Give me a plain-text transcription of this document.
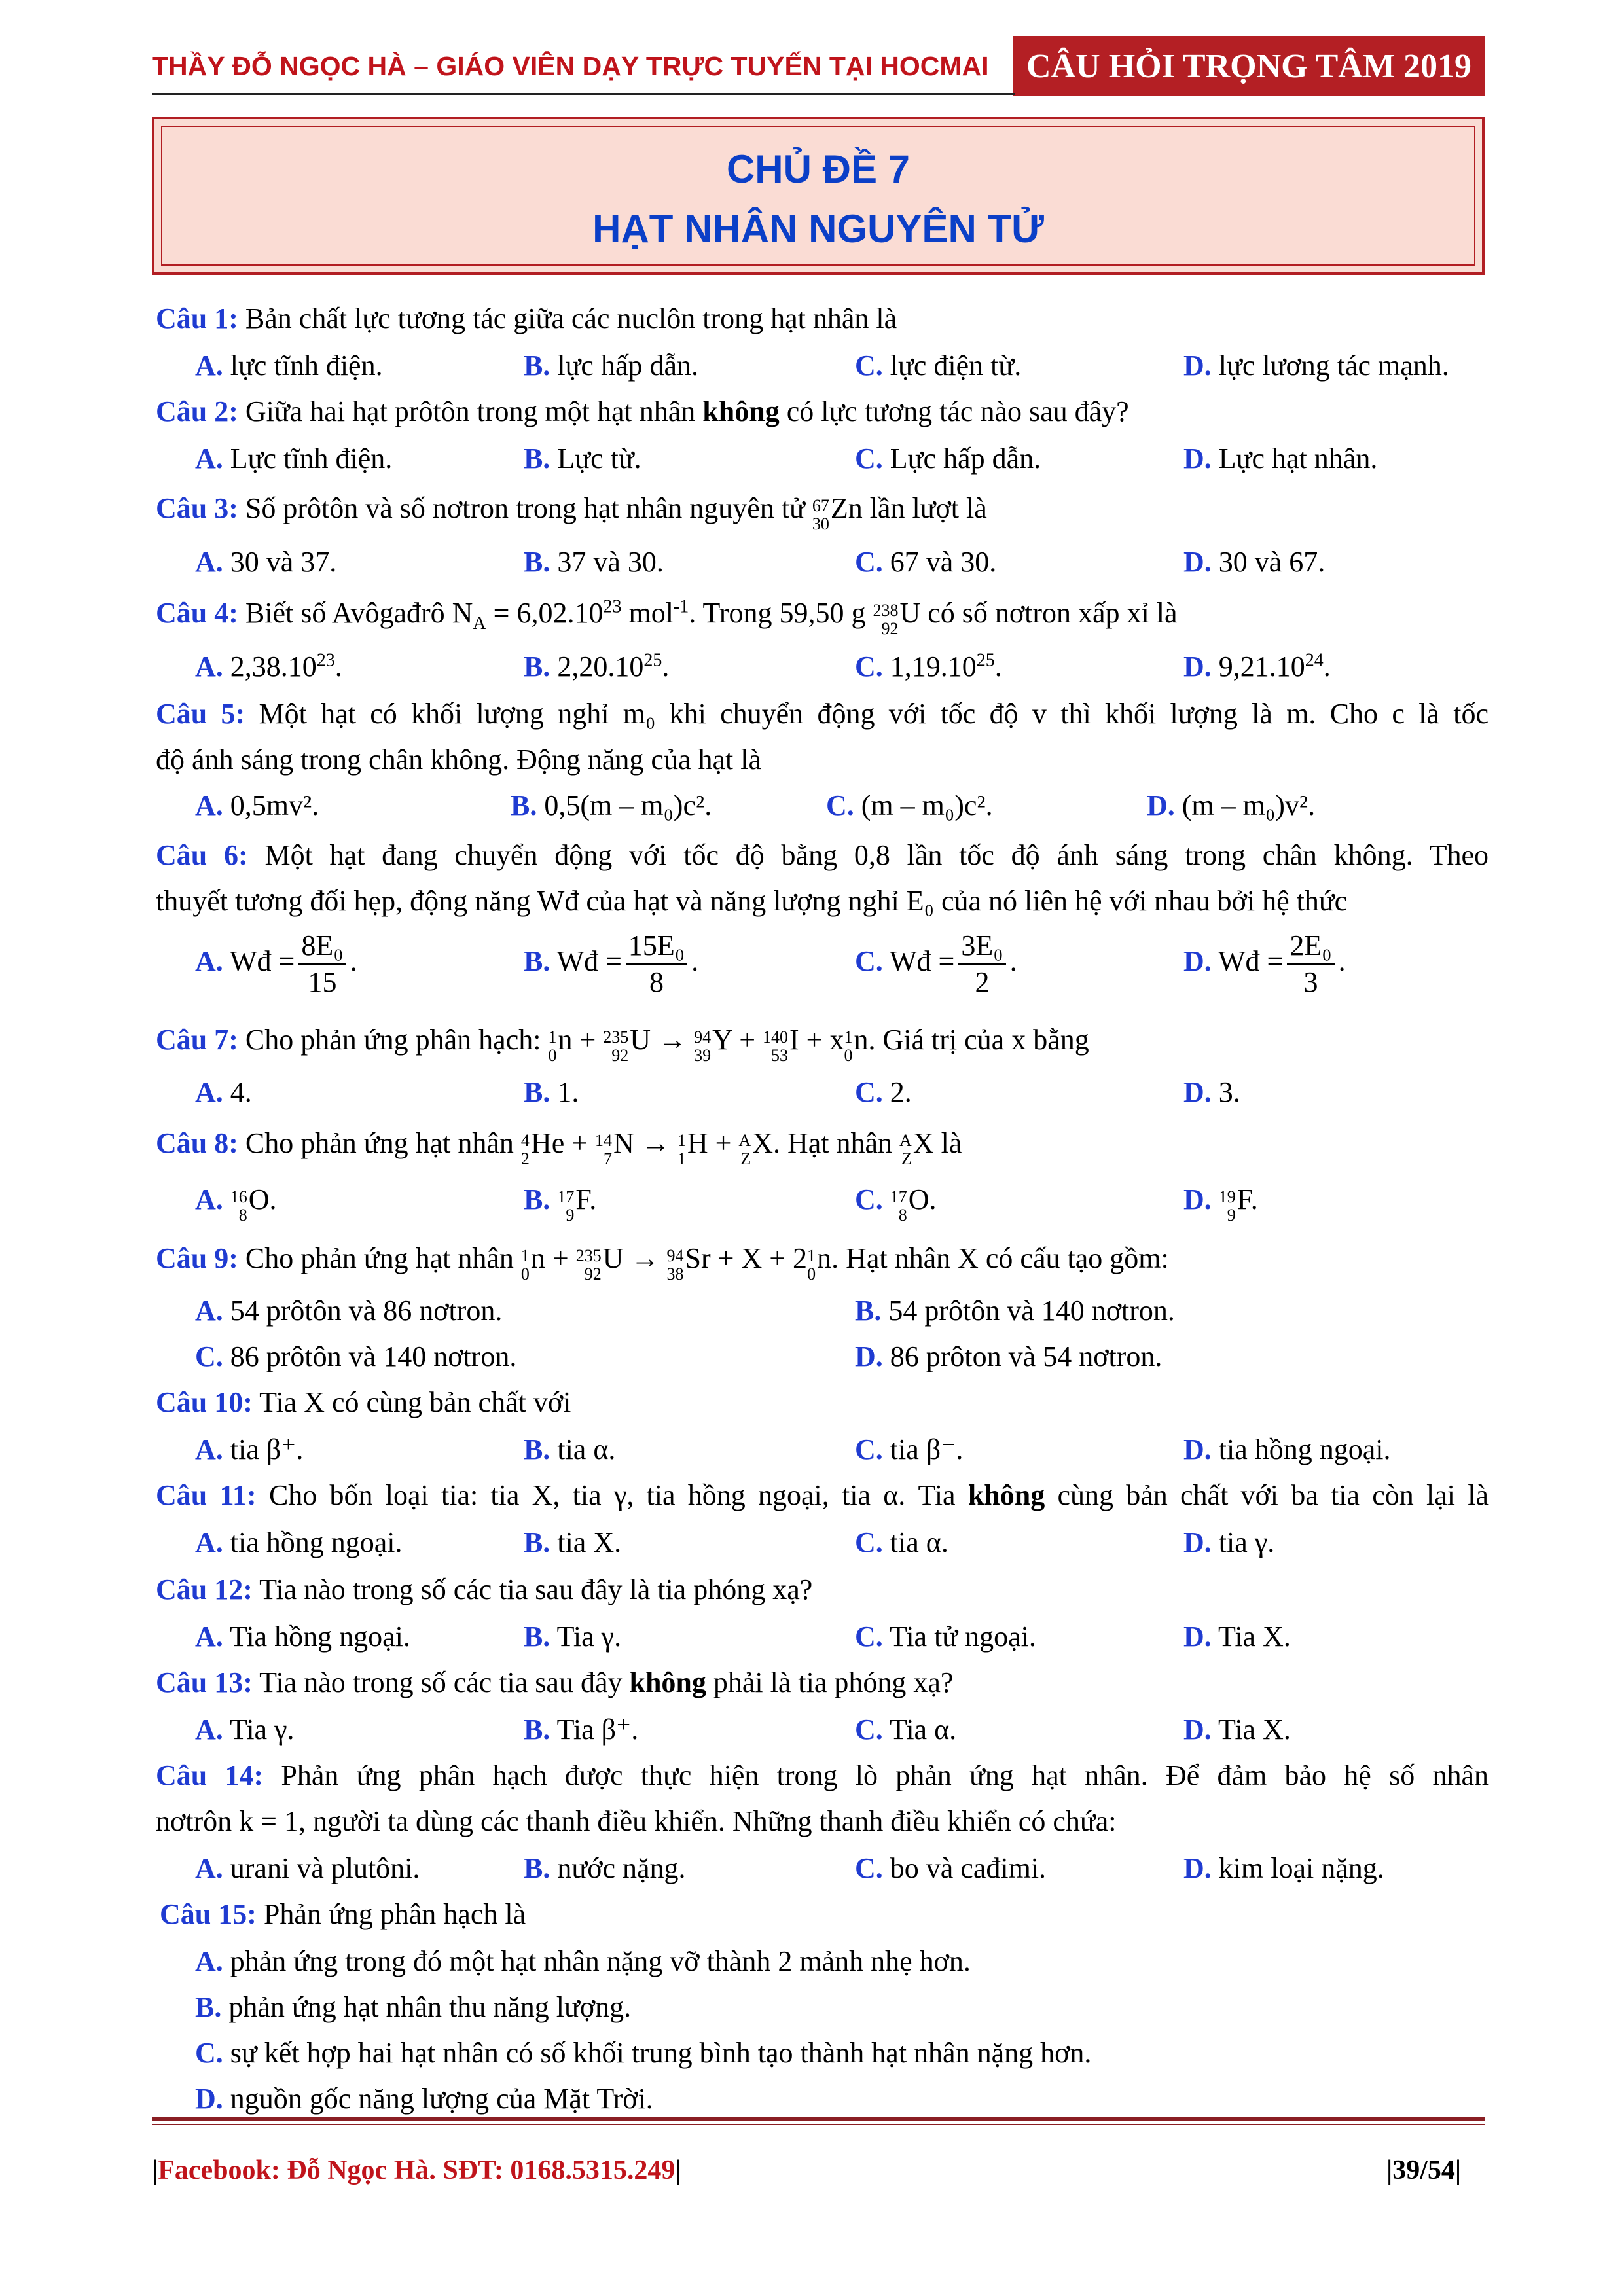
THẦY ĐỖ NGỌC HÀ – GIÁO VIÊN DẠY TRỰC TUYẾN TẠI HOCMAI	CÂU HỎI TRỌNG TÂM 2019
CHỦ ĐỀ 7
HẠT NHÂN NGUYÊN TỬ
Câu 1: Bản chất lực tương tác giữa các nuclôn trong hạt nhân là
A. lực tĩnh điện.	B. lực hấp dẫn.	C. lực điện từ.	D. lực lương tác mạnh.
Câu 2: Giữa hai hạt prôtôn trong một hạt nhân không có lực tương tác nào sau đây?
A. Lực tĩnh điện.	B. Lực từ.	C. Lực hấp dẫn.	D. Lực hạt nhân.
Câu 3: Số prôtôn và số nơtron trong hạt nhân nguyên tử 67
30 Zn lần lượt là
A. 30 và 37.	B. 37 và 30.	C. 67 và 30.	D. 30 và 67.
Câu 4: Biết số Avôgađrô $N_A = 6,02.10^{23}$ mol$^{-1}$. Trong 59,50 g 238
92 U có số nơtron xấp xỉ là
A. 2,38.10$^{23}$.	B. 2,20.10$^{25}$.	C. 1,19.10$^{25}$.	D. 9,21.10$^{24}$.
Câu 5: Một hạt có khối lượng nghỉ m₀ khi chuyển động với tốc độ v thì khối lượng là m. Cho c là tốc
độ ánh sáng trong chân không. Động năng của hạt là
A. 0,5mv².	B. 0,5(m – m₀)c².	C. (m – m₀)c².	D. (m – m₀)v².
Câu 6: Một hạt đang chuyển động với tốc độ bằng 0,8 lần tốc độ ánh sáng trong chân không. Theo
thuyết tương đối hẹp, động năng Wđ của hạt và năng lượng nghỉ E₀ của nó liên hệ với nhau bởi hệ thức
A. Wđ = $\frac{\text{8E₀}}{15}$ .	B. Wđ = $\frac{\text{15E₀}}{8}$ .	C. Wđ = $\frac{\text{3E₀}}{2}$ .	D. Wđ = $\frac{\text{2E₀}}{3}$ .
Câu 7: Cho phản ứng phân hạch: 1
0 n + 235
92 U → 94
39 Y + 140
53 I + x 1
0 n. Giá trị của x bằng
A. 4.	B. 1.	C. 2.	D. 3.
Câu 8: Cho phản ứng hạt nhân 4
2 He + 14
7 N → 1
1 H + A
Z X. Hạt nhân A
Z X là
A. 16
8 O.	B. 17
9 F.	C. 17
8 O.	D. 19
9 F.
Câu 9: Cho phản ứng hạt nhân 1
0 n + 235
92 U → 94
38 Sr + X + 2 1
0 n. Hạt nhân X có cấu tạo gồm:
A. 54 prôtôn và 86 nơtron.	B. 54 prôtôn và 140 nơtron.
C. 86 prôtôn và 140 nơtron.	D. 86 prôton và 54 nơtron.
Câu 10: Tia X có cùng bản chất với
A. tia β⁺.	B. tia α.	C. tia β⁻.	D. tia hồng ngoại.
Câu 11: Cho bốn loại tia: tia X, tia γ, tia hồng ngoại, tia α. Tia không cùng bản chất với ba tia còn lại là
A. tia hồng ngoại.	B. tia X.	C. tia α.	D. tia γ.
Câu 12: Tia nào trong số các tia sau đây là tia phóng xạ?
A. Tia hồng ngoại.	B. Tia γ.	C. Tia tử ngoại.	D. Tia X.
Câu 13: Tia nào trong số các tia sau đây không phải là tia phóng xạ?
A. Tia γ.	B. Tia β⁺.	C. Tia α.	D. Tia X.
Câu 14: Phản ứng phân hạch được thực hiện trong lò phản ứng hạt nhân. Để đảm bảo hệ số nhân
nơtrôn k = 1, người ta dùng các thanh điều khiển. Những thanh điều khiển có chứa:
A. urani và plutôni.	B. nước nặng.	C. bo và cađimi.	D. kim loại nặng.
Câu 15: Phản ứng phân hạch là
A. phản ứng trong đó một hạt nhân nặng vỡ thành 2 mảnh nhẹ hơn.
B. phản ứng hạt nhân thu năng lượng.
C. sự kết hợp hai hạt nhân có số khối trung bình tạo thành hạt nhân nặng hơn.
D. nguồn gốc năng lượng của Mặt Trời.
|Facebook: Đỗ Ngọc Hà. SĐT: 0168.5315.249|	|39/54|
